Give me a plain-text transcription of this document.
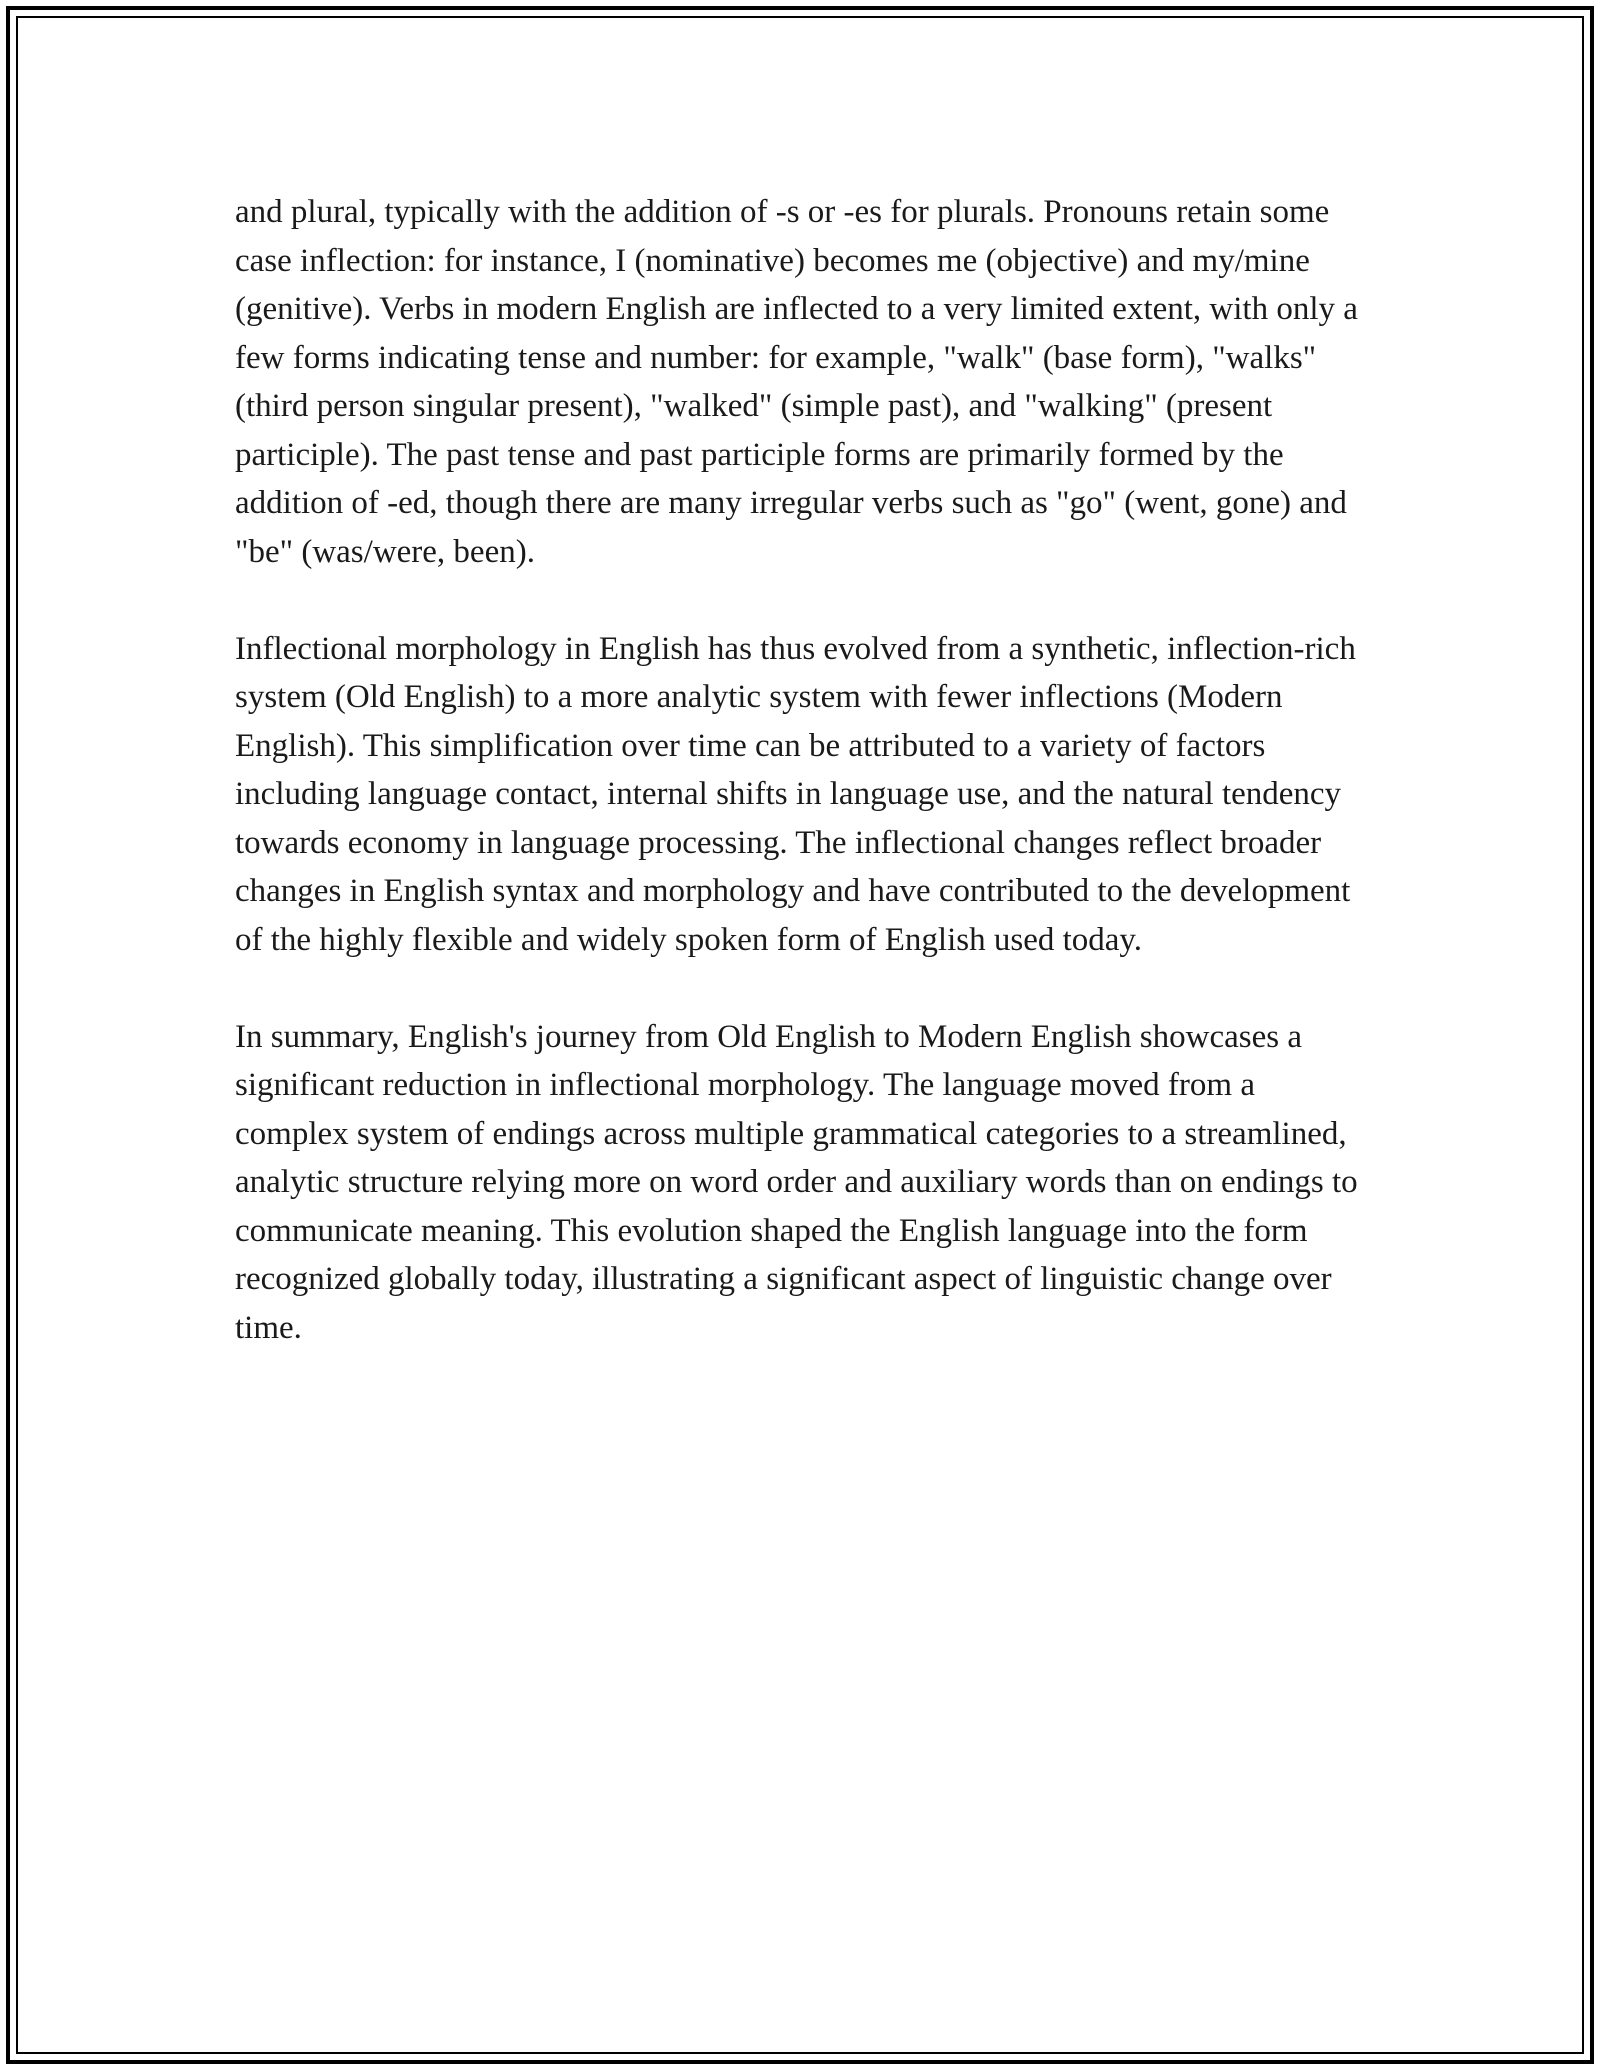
and plural, typically with the addition of -s or -es for plurals. Pronouns retain some case inflection: for instance, I (nominative) becomes me (objective) and my/mine (genitive). Verbs in modern English are inflected to a very limited extent, with only a few forms indicating tense and number: for example, "walk" (base form), "walks" (third person singular present), "walked" (simple past), and "walking" (present participle). The past tense and past participle forms are primarily formed by the addition of -ed, though there are many irregular verbs such as "go" (went, gone) and "be" (was/were, been).

Inflectional morphology in English has thus evolved from a synthetic, inflection-rich system (Old English) to a more analytic system with fewer inflections (Modern English). This simplification over time can be attributed to a variety of factors including language contact, internal shifts in language use, and the natural tendency towards economy in language processing. The inflectional changes reflect broader changes in English syntax and morphology and have contributed to the development of the highly flexible and widely spoken form of English used today.

In summary, English's journey from Old English to Modern English showcases a significant reduction in inflectional morphology. The language moved from a complex system of endings across multiple grammatical categories to a streamlined, analytic structure relying more on word order and auxiliary words than on endings to communicate meaning. This evolution shaped the English language into the form recognized globally today, illustrating a significant aspect of linguistic change over time.
